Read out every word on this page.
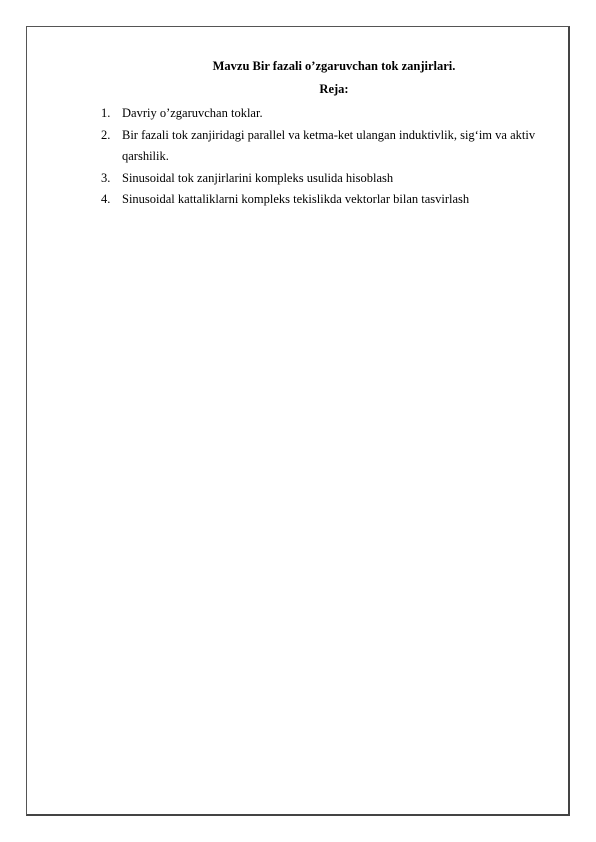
Mavzu Bir fazali o’zgaruvchan tok zanjirlari.
Reja:
1. Davriy o’zgaruvchan toklar.
2. Bir fazali tok zanjiridagi parallel va ketma-ket ulangan induktivlik, sig‘im va aktiv qarshilik.
3. Sinusoidal tok zanjirlarini kompleks usulida hisoblash
4. Sinusoidal kattaliklarni kompleks tekislikda vektorlar bilan tasvirlash
